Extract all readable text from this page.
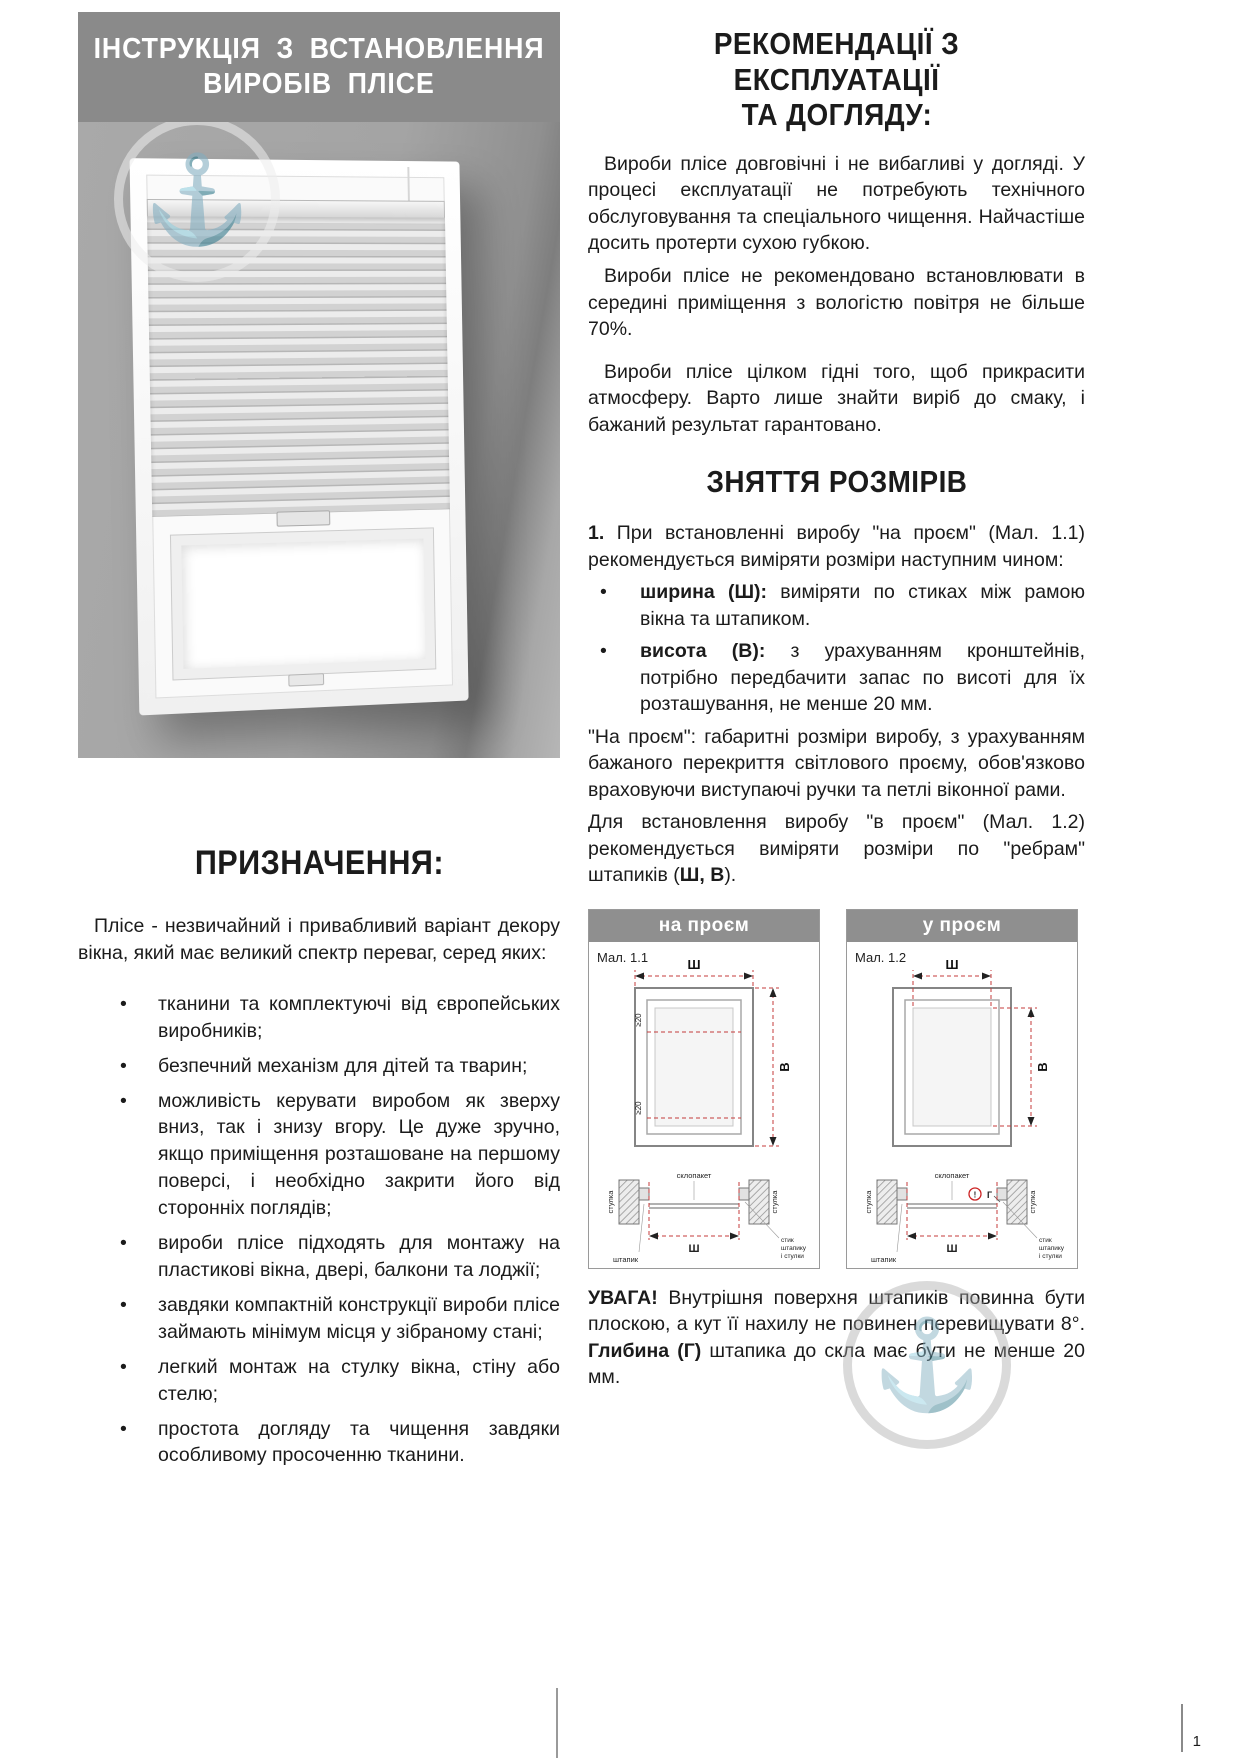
ІНСТРУКЦІЯ З ВСТАНОВЛЕННЯ
ВИРОБІВ ПЛІСЕ
⚓
ПРИЗНАЧЕННЯ:

Плісе - незвичайний і привабливий варіант декору вікна, який має великий спектр переваг, серед яких:

• тканини та комплектуючі від європейських виробників;
• безпечний механізм для дітей та тварин;
• можливість керувати виробом як зверху вниз, так і знизу вгору. Це дуже зручно, якщо приміщення розташоване на першому поверсі, і необхідно закрити його від сторонніх поглядів;
• вироби плісе підходять для монтажу на пластикові вікна, двері, балкони та лоджії;
• завдяки компактній конструкції вироби плісе займають мінімум місця у зібраному стані;
• легкий монтаж на стулку вікна, стіну або стелю;
• простота догляду та чищення завдяки особливому просоченню тканини.
РЕКОМЕНДАЦІЇ З ЕКСПЛУАТАЦІЇ
ТА ДОГЛЯДУ:

Вироби плісе довговічні і не вибагливі у догляді. У процесі експлуатації не потребують технічного обслуговування та спеціального чищення. Найчастіше досить протерти сухою губкою.

Вироби плісе не рекомендовано встановлювати в середині приміщення з вологістю повітря не більше 70%.

Вироби плісе цілком гідні того, щоб прикрасити атмосферу. Варто лише знайти виріб до смаку, і бажаний результат гарантовано.

ЗНЯТТЯ РОЗМІРІВ

1. При встановленні виробу "на проєм" (Мал. 1.1) рекомендується виміряти розміри наступним чином:

• ширина (Ш): виміряти по стиках між рамою вікна та штапиком.
• висота (В): з урахуванням кронштейнів, потрібно передбачити запас по висоті для їх розташування, не менше 20 мм.

"На проєм": габаритні розміри виробу, з урахуванням бажаного перекриття світлового проєму, обов'язково враховуючи виступаючі ручки та петлі віконної рами.

Для встановлення виробу "в проєм" (Мал. 1.2) рекомендується виміряти розміри по "ребрам" штапиків (Ш, В).

на проєм
Мал. 1.1	Ш
В
≥20
≥20
склопакет
стулка	стулка
Ш
штапик
стик
штапику
і стулки
у проєм
Мал. 1.2	Ш
В
склопакет
стулка	стулка
! Г
Ш
штапик
стик
штапику
і стулки

УВАГА! Внутрішня поверхня штапиків повинна бути плоскою, а кут її нахилу не повинен перевищувати 8°. Глибина (Г) штапика до скла має бути не менше 20 мм.	⚓
1
